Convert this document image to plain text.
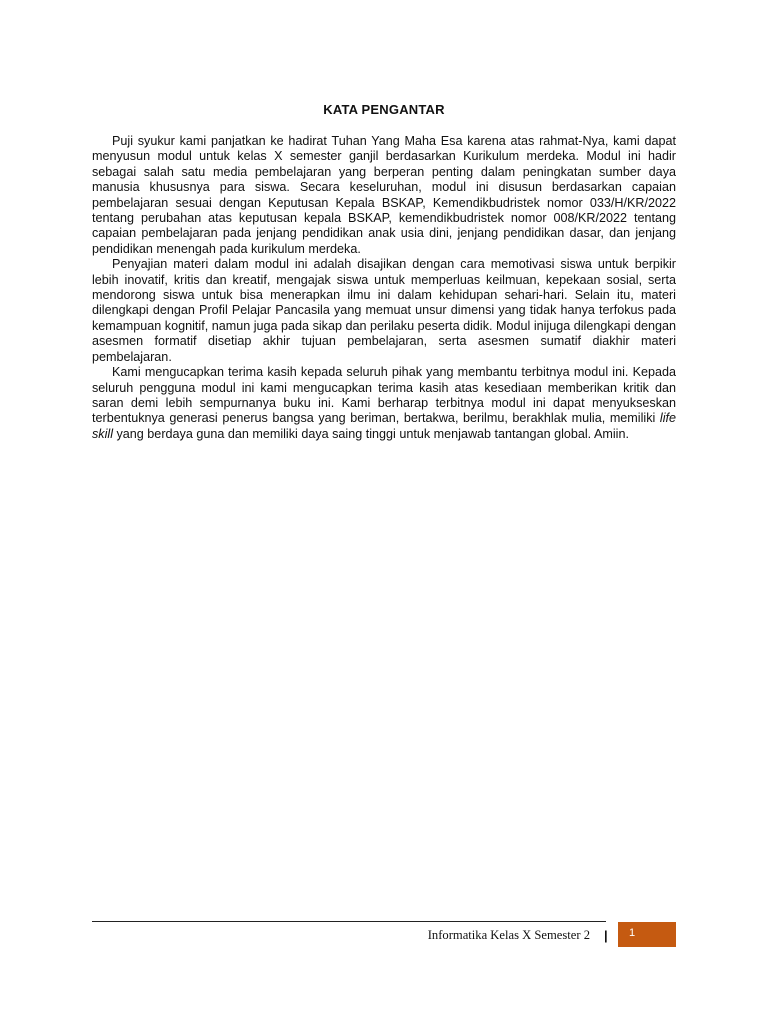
KATA PENGANTAR

Puji syukur kami panjatkan ke hadirat Tuhan Yang Maha Esa karena atas rahmat-Nya, kami dapat menyusun modul untuk kelas X semester ganjil berdasarkan Kurikulum merdeka. Modul ini hadir sebagai salah satu media pembelajaran yang berperan penting dalam peningkatan sumber daya manusia khususnya para siswa. Secara keseluruhan, modul ini disusun berdasarkan capaian pembelajaran sesuai dengan Keputusan Kepala BSKAP, Kemendikbudristek nomor 033/H/KR/2022 tentang perubahan atas keputusan kepala BSKAP, kemendikbudristek nomor 008/KR/2022 tentang capaian pembelajaran pada jenjang pendidikan anak usia dini, jenjang pendidikan dasar, dan jenjang pendidikan menengah pada kurikulum merdeka.

Penyajian materi dalam modul ini adalah disajikan dengan cara memotivasi siswa untuk berpikir lebih inovatif, kritis dan kreatif, mengajak siswa untuk memperluas keilmuan, kepekaan sosial, serta mendorong siswa untuk bisa menerapkan ilmu ini dalam kehidupan sehari-hari. Selain itu, materi dilengkapi dengan Profil Pelajar Pancasila yang memuat unsur dimensi yang tidak hanya terfokus pada kemampuan kognitif, namun juga pada sikap dan perilaku peserta didik. Modul inijuga dilengkapi dengan asesmen formatif disetiap akhir tujuan pembelajaran, serta asesmen sumatif diakhir materi pembelajaran.

Kami mengucapkan terima kasih kepada seluruh pihak yang membantu terbitnya modul ini. Kepada seluruh pengguna modul ini kami mengucapkan terima kasih atas kesediaan memberikan kritik dan saran demi lebih sempurnanya buku ini. Kami berharap terbitnya modul ini dapat menyukseskan terbentuknya generasi penerus bangsa yang beriman, bertakwa, berilmu, berakhlak mulia, memiliki life skill yang berdaya guna dan memiliki daya saing tinggi untuk menjawab tantangan global. Amiin.

Informatika Kelas X Semester 2 | 1
